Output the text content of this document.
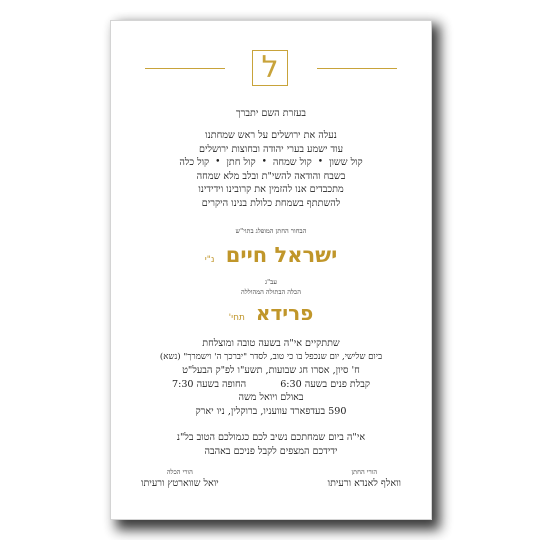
ל
בעזרת השם יתברך
נעלה את ירושלים על ראש שמחתנו
עוד ישמע בערי יהודה ובחוצות ירושלים
קול ששון
•
קול שמחה
•
קול חתן
•
קול כלה
בשבח והודאה להשי"ת ובלב מלא שמחה
מתכבדים אנו להזמין את קרובינו וידידינו
להשתתף בשמחת כלולת בנינו היקרים
הבחור החתן המופלג בתוי"ש
ישראל חיים נ"י
עב"ג
הכלה הבתולה המהוללה
פרידא תחי'
שתתקיים אי"ה בשעה טובה ומוצלחת
ביום שלישי, יום שנכפל בו כי טוב, לסדר "יברכך ה' וישמרך" (נשא)
ח' סיון, אסרו חג שבועות, תשע"ו לפ"ק הבעל"ט
קבלת פנים בשעה 6:30
החופה בשעה 7:30
באולם ויואל משה
590 בעדפארד עוועניו, ברוקלין, ניו יארק
אי"ה ביום שמחתכם נשיב לכם כגמולכם הטוב בל"נ
ידידכם המצפים לקבל פניכם באהבה
הורי החתן
וואלף לאנדא ורעיתו
הורי הכלה
יואל שווארטץ ורעיתו
